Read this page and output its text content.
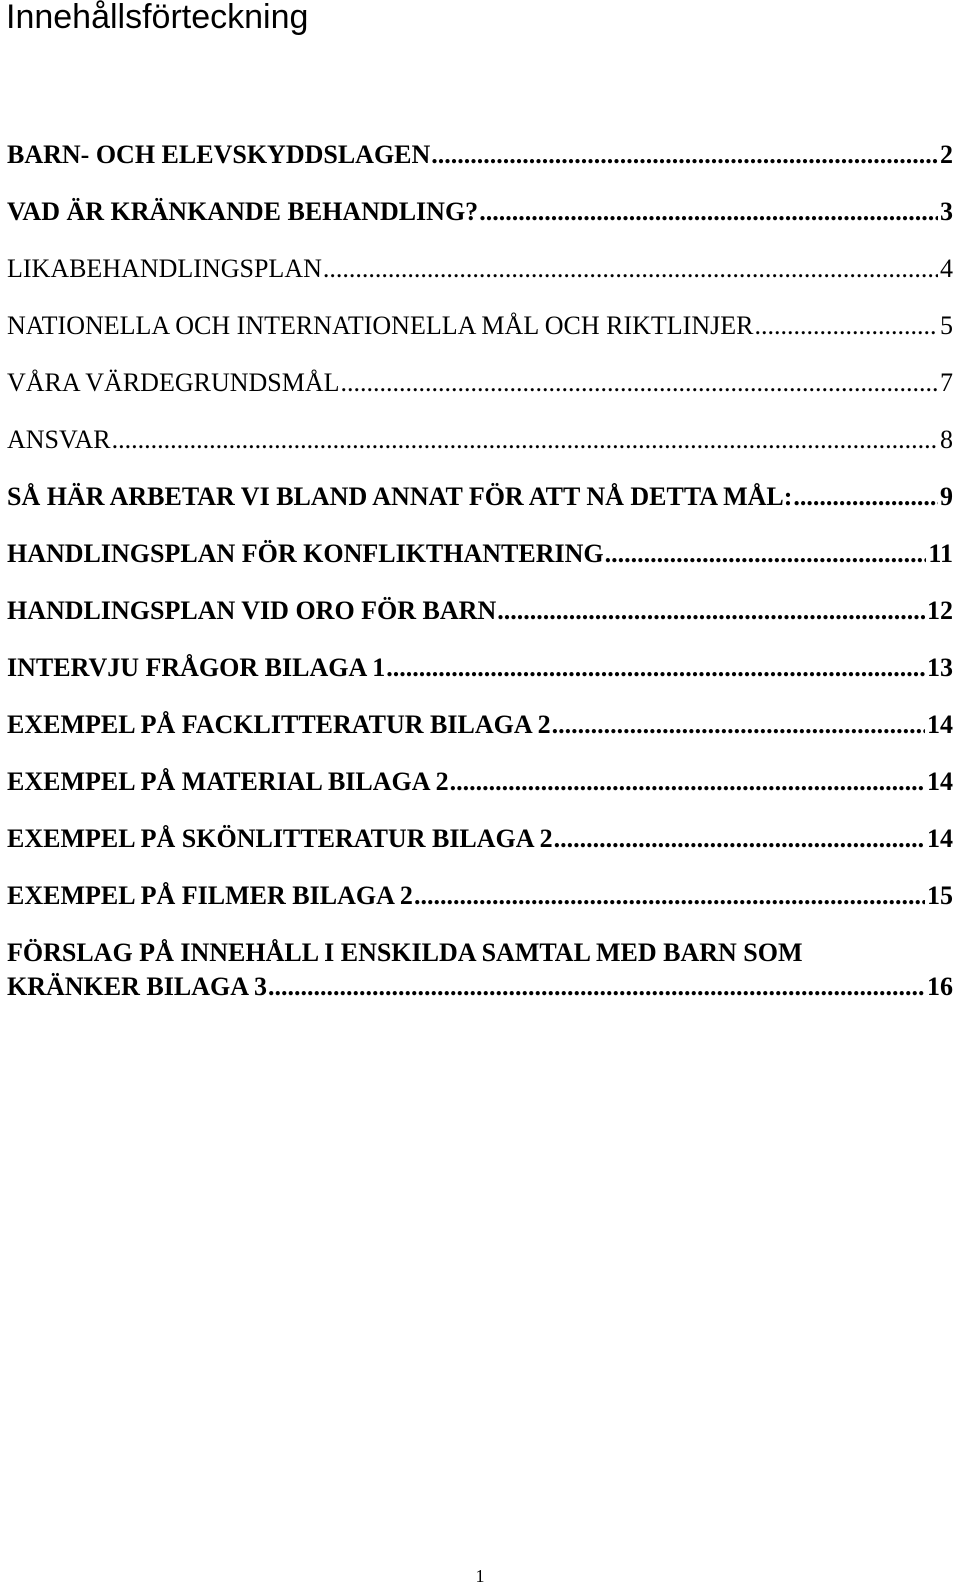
Innehållsförteckning
BARN- OCH ELEVSKYDDSLAGEN .....	2
VAD ÄR KRÄNKANDE BEHANDLING? .....	3
LIKABEHANDLINGSPLAN .....	4
NATIONELLA OCH INTERNATIONELLA MÅL OCH RIKTLINJER .....	5
VÅRA VÄRDEGRUNDSMÅL .....	7
ANSVAR .....	8
SÅ HÄR ARBETAR VI BLAND ANNAT FÖR ATT NÅ DETTA MÅL: .....	9
HANDLINGSPLAN FÖR KONFLIKTHANTERING .....	11
HANDLINGSPLAN VID ORO FÖR BARN .....	12
INTERVJU FRÅGOR BILAGA 1 .....	13
EXEMPEL PÅ FACKLITTERATUR BILAGA 2 .....	14
EXEMPEL PÅ MATERIAL BILAGA 2 .....	14
EXEMPEL PÅ SKÖNLITTERATUR BILAGA 2 .....	14
EXEMPEL PÅ FILMER BILAGA 2 .....	15
FÖRSLAG PÅ INNEHÅLL I ENSKILDA SAMTAL MED BARN SOM
KRÄNKER BILAGA 3 .....	16
1
